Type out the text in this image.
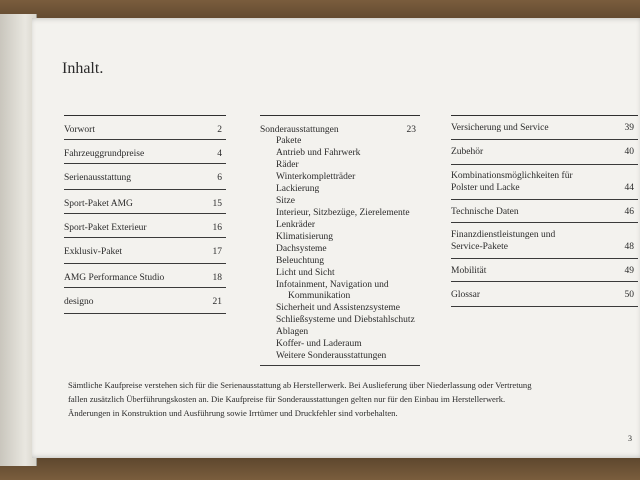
Inhalt.
Vorwort	2
Fahrzeuggrundpreise	4
Serienausstattung	6
Sport-Paket AMG	15
Sport-Paket Exterieur	16
Exklusiv-Paket	17
AMG Performance Studio	18
designo	21
Sonderausstattungen	23
Pakete
Antrieb und Fahrwerk
Räder
Winterkompletträder
Lackierung
Sitze
Interieur, Sitzbezüge, Zierelemente
Lenkräder
Klimatisierung
Dachsysteme
Beleuchtung
Licht und Sicht
Infotainment, Navigation und
Kommunikation
Sicherheit und Assistenzsysteme
Schließsysteme und Diebstahlschutz
Ablagen
Koffer- und Laderaum
Weitere Sonderausstattungen
Versicherung und Service	39
Zubehör	40
Kombinationsmöglichkeiten für
Polster und Lacke	44
Technische Daten	46
Finanzdienstleistungen und
Service-Pakete	48
Mobilität	49
Glossar	50

Sämtliche Kaufpreise verstehen sich für die Serienausstattung ab Herstellerwerk. Bei Auslieferung über Niederlassung oder Vertretung

fallen zusätzlich Überführungskosten an. Die Kaufpreise für Sonderausstattungen gelten nur für den Einbau im Herstellerwerk.

Änderungen in Konstruktion und Ausführung sowie Irrtümer und Druckfehler sind vorbehalten.

3
